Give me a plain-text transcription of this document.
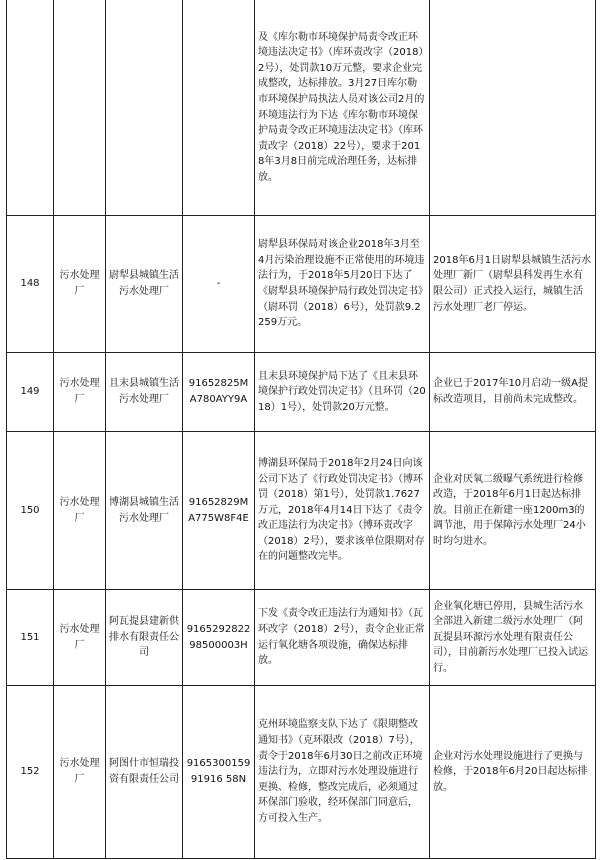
				及《库尔勒市环境保护局责令改正环境违法决定书》（库环责改字（2018）2号），处罚款10万元整，要求企业完成整改，达标排放。3月27日库尔勒市环境保护局执法人员对该公司2月的环境违法行为下达《库尔勒市环境保护局责令改正环境违法决定书》（库环责改字（2018）22号），要求于2018年3月8日前完成治理任务，达标排放。	
148	污水处理厂	尉犁县城镇生活污水处理厂	-	尉犁县环保局对该企业2018年3月至4月污染治理设施不正常使用的环境违法行为，于2018年5月20日下达了《尉犁县环境保护局行政处罚决定书》（尉环罚（2018）6号），处罚款9.2259万元。	2018年6月1日尉犁县城镇生活污水处理厂新厂（尉犁县科发再生水有限公司）正式投入运行，城镇生活污水处理厂老厂停运。
149	污水处理厂	且末县城镇生活污水处理厂	91652825MA780AYY9A	且末县环境保护局下达了《且末县环境保护行政处罚决定书》（且环罚（2018）1号），处罚款20万元整。	企业已于2017年10月启动一级A提标改造项目，目前尚未完成整改。
150	污水处理厂	博湖县城镇生活污水处理厂	91652829MA775W8F4E	博湖县环保局于2018年2月24日向该公司下达了《行政处罚决定书》（博环罚（2018）第1号），处罚款1.7627万元，2018年4月14日下达了《责令改正违法行为决定书》（博环责改字（2018）2号），要求该单位限期对存在的问题整改完毕。	企业对厌氧二级曝气系统进行检修改造，于2018年6月1日起达标排放。目前正在新建一座1200m3的调节池，用于保障污水处理厂24小时均匀进水。
151	污水处理厂	阿瓦提县建新供排水有限责任公司	916529282298500003H	下发《责令改正违法行为通知书》（瓦环改字（2018）2号），责令企业正常运行氧化塘各项设施，确保达标排放。	企业氧化塘已停用，县城生活污水全部进入新建二级污水处理厂（阿瓦提县环源污水处理有限责任公司），目前新污水处理厂已投入试运行。
152	污水处理厂	阿图什市恒瑞投资有限责任公司	916530015991916 58N	克州环境监察支队下达了《限期整改通知书》（克环限改（2018）7号），责令于2018年6月30日之前改正环境违法行为，立即对污水处理设施进行更换、检修，整改完成后，必须通过环保部门验收，经环保部门同意后，方可投入生产。	企业对污水处理设施进行了更换与检修，于2018年6月20日起达标排放。
